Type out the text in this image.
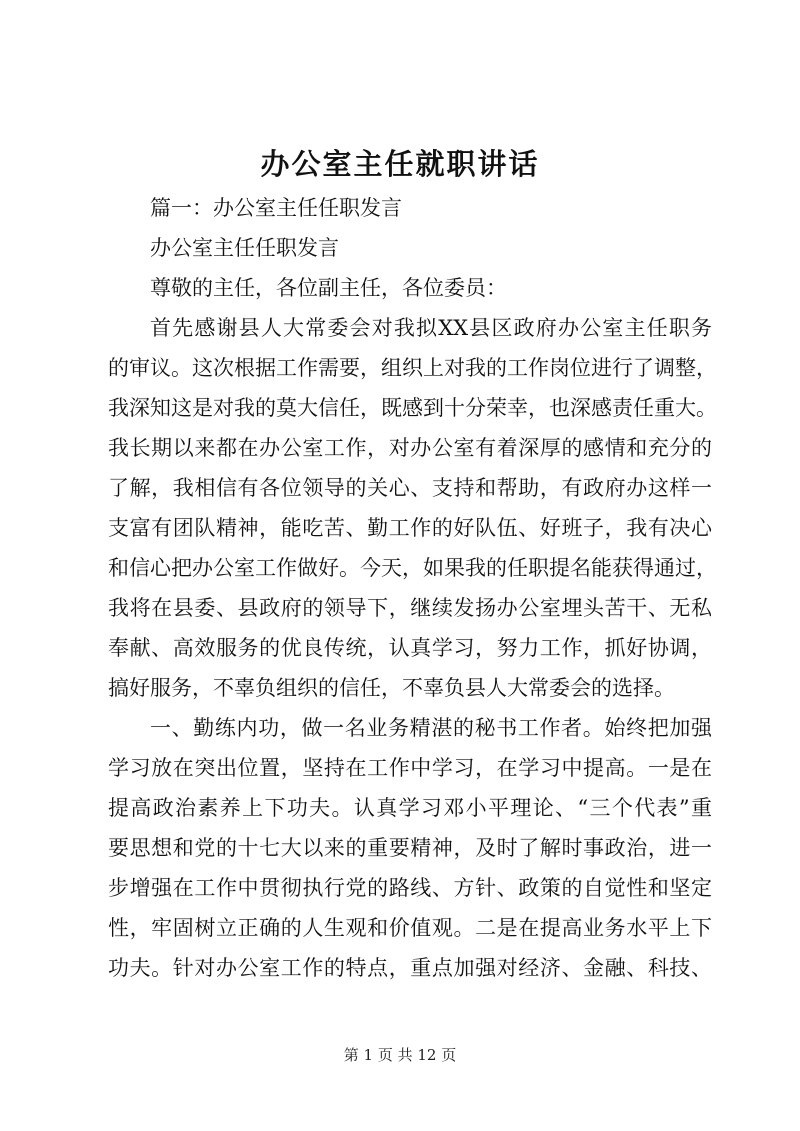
办公室主任就职讲话
篇一：办公室主任任职发言
办公室主任任职发言
尊敬的主任，各位副主任，各位委员：
首先感谢县人大常委会对我拟XX县区政府办公室主任职务
的审议。这次根据工作需要，组织上对我的工作岗位进行了调整，
我深知这是对我的莫大信任，既感到十分荣幸，也深感责任重大。
我长期以来都在办公室工作，对办公室有着深厚的感情和充分的
了解，我相信有各位领导的关心、支持和帮助，有政府办这样一
支富有团队精神，能吃苦、勤工作的好队伍、好班子，我有决心
和信心把办公室工作做好。今天，如果我的任职提名能获得通过，
我将在县委、县政府的领导下，继续发扬办公室埋头苦干、无私
奉献、高效服务的优良传统，认真学习，努力工作，抓好协调，
搞好服务，不辜负组织的信任，不辜负县人大常委会的选择。
一、勤练内功，做一名业务精湛的秘书工作者。始终把加强
学习放在突出位置，坚持在工作中学习，在学习中提高。一是在
提高政治素养上下功夫。认真学习邓小平理论、“三个代表”重
要思想和党的十七大以来的重要精神，及时了解时事政治，进一
步增强在工作中贯彻执行党的路线、方针、政策的自觉性和坚定
性，牢固树立正确的人生观和价值观。二是在提高业务水平上下
功夫。针对办公室工作的特点，重点加强对经济、金融、科技、
第 1 页 共 12 页
